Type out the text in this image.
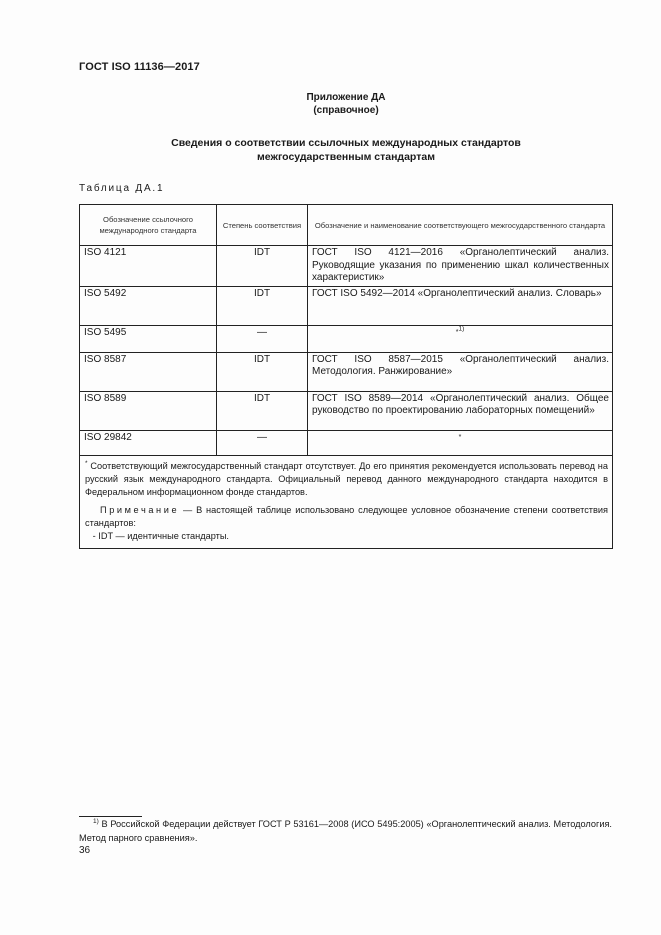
ГОСТ ISO 11136—2017
Приложение ДА
(справочное)
Сведения о соответствии ссылочных международных стандартов
межгосударственным стандартам
Таблица ДА.1
Обозначение ссылочного международного стандарта	Степень соответствия	Обозначение и наименование соответствующего межгосударственного стандарта
ISO 4121	IDT	ГОСТ ISO 4121—2016 «Органолептический анализ. Руководящие указания по применению шкал количественных характеристик»
ISO 5492	IDT	ГОСТ ISO 5492—2014 «Органолептический анализ. Словарь»
ISO 5495	—	*1)
ISO 8587	IDT	ГОСТ ISO 8587—2015 «Органолептический анализ. Методология. Ранжирование»
ISO 8589	IDT	ГОСТ ISO 8589—2014 «Органолептический анализ. Общее руководство по проектированию лабораторных помещений»
ISO 29842	—	*

* Соответствующий межгосударственный стандарт отсутствует. До его принятия рекомендуется использовать перевод на русский язык международного стандарта. Официальный перевод данного международного стандарта находится в Федеральном информационном фонде стандартов.
Примечание — В настоящей таблице использовано следующее условное обозначение степени соответствия стандартов:
- IDT — идентичные стандарты.		
$^{1)}$ В Российской Федерации действует ГОСТ Р 53161—2008 (ИСО 5495:2005) «Органолептический анализ. Методология. Метод парного сравнения».
36
